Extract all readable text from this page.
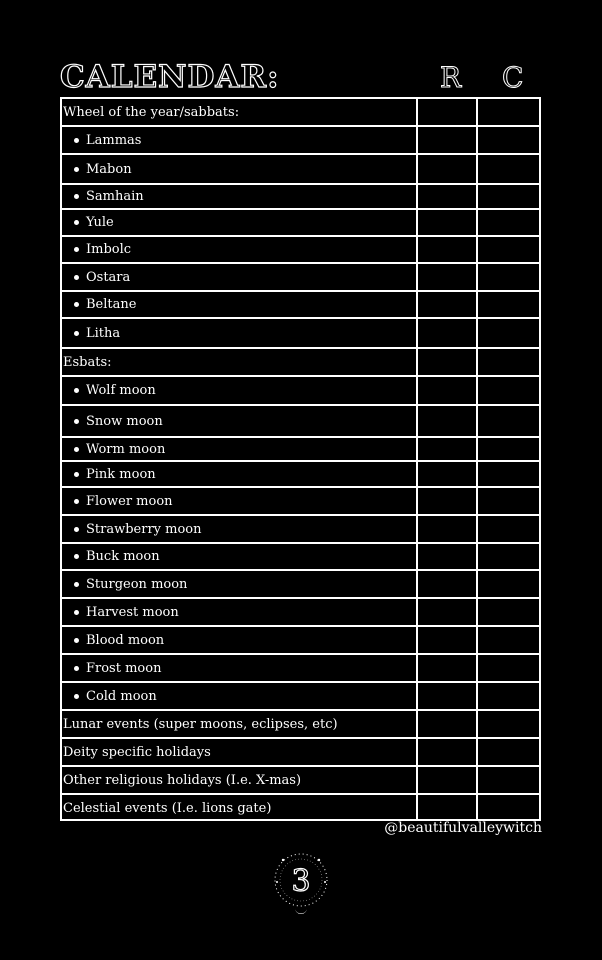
CALENDAR:	R C
Wheel of the year/sabbats:
Lammas
Mabon
Samhain
Yule
Imbolc
Ostara
Beltane
Litha
Esbats:
Wolf moon
Snow moon
Worm moon
Pink moon
Flower moon
Strawberry moon
Buck moon
Sturgeon moon
Harvest moon
Blood moon
Frost moon
Cold moon
Lunar events (super moons, eclipses, etc)
Deity specific holidays
Other religious holidays (I.e. X-mas)
Celestial events (I.e. lions gate)
@beautifulvalleywitch
3
